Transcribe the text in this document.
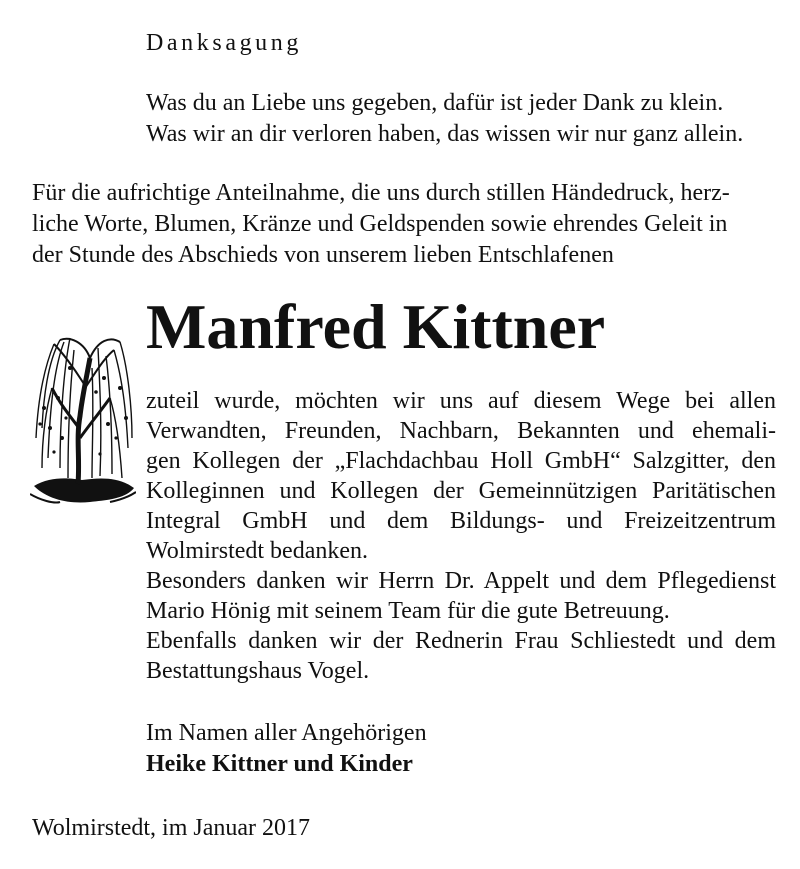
Danksagung
Was du an Liebe uns gegeben, dafür ist jeder Dank zu klein.
Was wir an dir verloren haben, das wissen wir nur ganz allein.
Für die aufrichtige Anteilnahme, die uns durch stillen Händedruck, herz-
liche Worte, Blumen, Kränze und Geldspenden sowie ehrendes Geleit in
der Stunde des Abschieds von unserem lieben Entschlafenen
Manfred Kittner
zuteil wurde, möchten wir uns auf diesem Wege bei allen
Verwandten, Freunden, Nachbarn, Bekannten und ehemali-
gen Kollegen der „Flachdachbau Holl GmbH“ Salzgitter, den
Kolleginnen und Kollegen der Gemeinnützigen Paritätischen
Integral GmbH und dem Bildungs- und Freizeitzentrum
Wolmirstedt bedanken.
Besonders danken wir Herrn Dr. Appelt und dem Pflegedienst
Mario Hönig mit seinem Team für die gute Betreuung.
Ebenfalls danken wir der Rednerin Frau Schliestedt und dem
Bestattungshaus Vogel.
Im Namen aller Angehörigen
Heike Kittner und Kinder
Wolmirstedt, im Januar 2017
